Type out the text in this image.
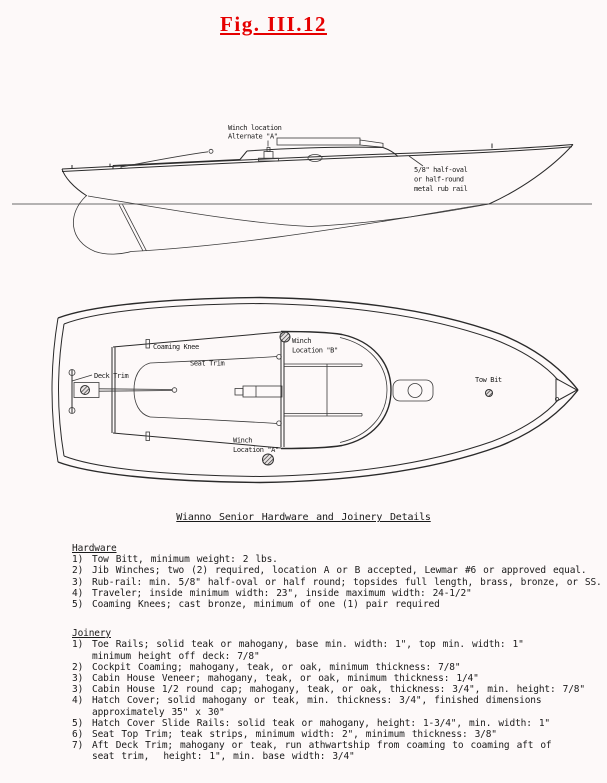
Fig. III.12
Winch location
Alternate "A"
5/8" half-oval
or half-round
metal rub rail
Winch
Location "B"
Winch
Location "A"
Tow Bit
Coaming Knee
Seat Trim
Deck Trim
Wianno Senior Hardware and Joinery Details
Hardware
1) Tow Bitt, minimum weight: 2 lbs.
2) Jib Winches; two (2) required, location A or B accepted, Lewmar #6 or approved equal.
3) Rub-rail: min. 5/8" half-oval or half round; topsides full length, brass, bronze, or SS.
4) Traveler; inside minimum width: 23", inside maximum width: 24-1/2"
5) Coaming Knees; cast bronze, minimum of one (1) pair required
Joinery
1) Toe Rails; solid teak or mahogany, base min. width: 1", top min. width: 1"
minimum height off deck: 7/8"
2) Cockpit Coaming; mahogany, teak, or oak, minimum thickness: 7/8"
3) Cabin House Veneer; mahogany, teak, or oak, minimum thickness: 1/4"
3) Cabin House 1/2 round cap; mahogany, teak, or oak, thickness: 3/4", min. height: 7/8"
4) Hatch Cover; solid mahogany or teak, min. thickness: 3/4", finished dimensions
approximately 35" x 30"
5) Hatch Cover Slide Rails: solid teak or mahogany, height: 1-3/4", min. width: 1"
6) Seat Top Trim; teak strips, minimum width: 2", minimum thickness: 3/8"
7) Aft Deck Trim; mahogany or teak, run athwartship from coaming to coaming aft of
seat trim,  height: 1", min. base width: 3/4"
